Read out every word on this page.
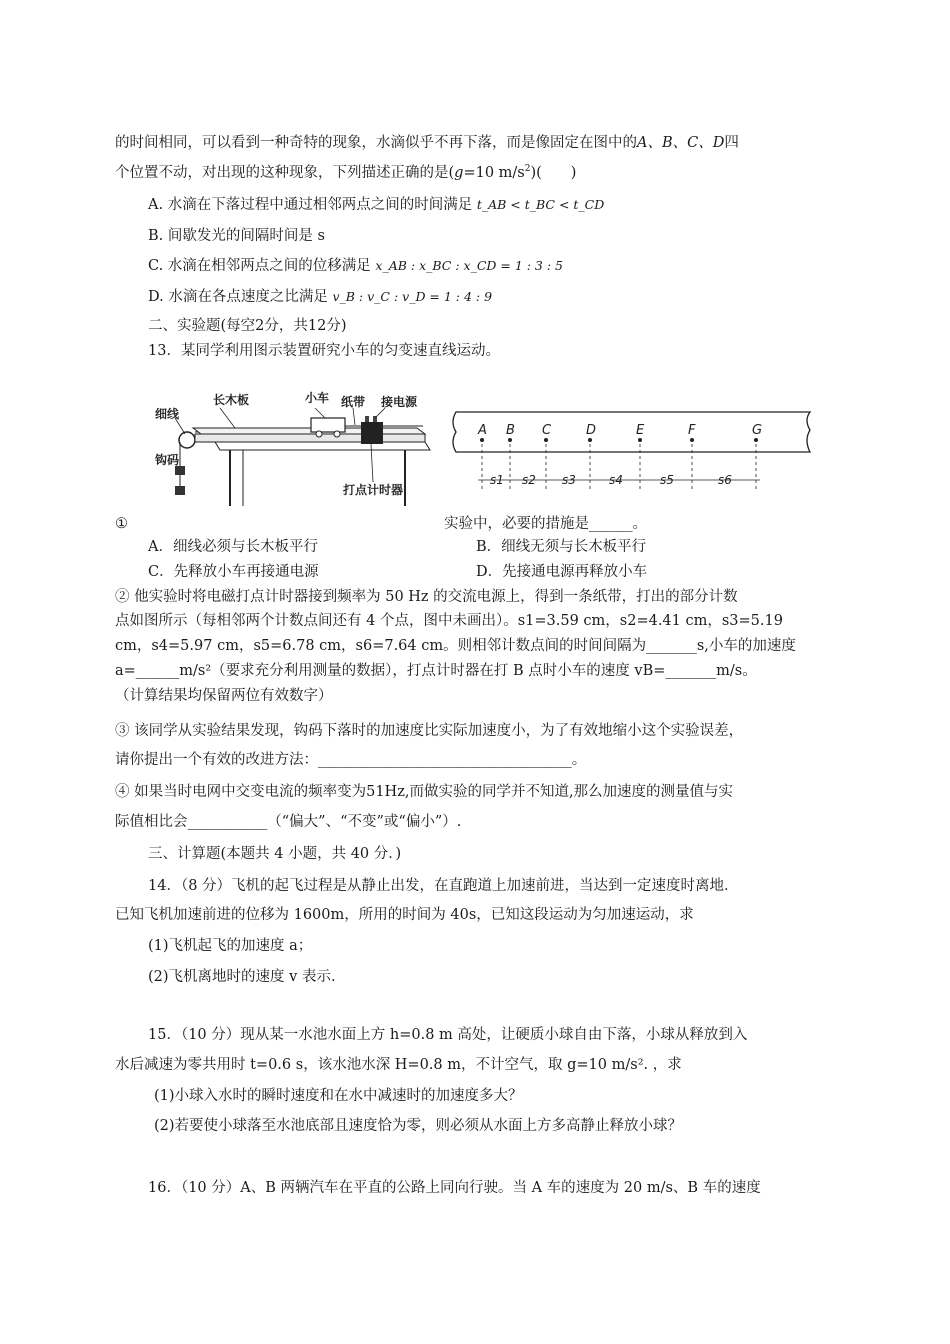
的时间相同，可以看到一种奇特的现象，水滴似乎不再下落，而是像固定在图中的A、B、C、D四
个位置不动，对出现的这种现象，下列描述正确的是(g=10 $m/s^2$)(　　)
A. 水滴在下落过程中通过相邻两点之间的时间满足 t_AB < t_BC < t_CD
B. 间歇发光的间隔时间是 s
C. 水滴在相邻两点之间的位移满足 x_AB : x_BC : x_CD = 1 : 3 : 5
D. 水滴在各点速度之比满足 v_B : v_C : v_D = 1 : 4 : 9
二、实验题(每空2分，共12分)
13．某同学利用图示装置研究小车的匀变速直线运动。
细线
长木板	小车 纸带 接电源
钩码
打点计时器
A B C	D	E	F	G
s1 s2 s3	s4	s5	s6
①	实验中，必要的措施是______。
A．细线必须与长木板平行	B．细线无须与长木板平行
C．先释放小车再接通电源	D．先接通电源再释放小车
② 他实验时将电磁打点计时器接到频率为 50 Hz 的交流电源上，得到一条纸带，打出的部分计数
点如图所示（每相邻两个计数点间还有 4 个点，图中未画出）。s1=3.59 cm，s2=4.41 cm，s3=5.19
cm，s4=5.97 cm，s5=6.78 cm，s6=7.64 cm。则相邻计数点间的时间间隔为_______s,小车的加速度
a=______m/s²（要求充分利用测量的数据），打点计时器在打 B 点时小车的速度 vB=_______m/s。
（计算结果均保留两位有效数字）
③ 该同学从实验结果发现，钩码下落时的加速度比实际加速度小，为了有效地缩小这个实验误差，
请你提出一个有效的改进方法：___________________________________。
④ 如果当时电网中交变电流的频率变为51Hz,而做实验的同学并不知道,那么加速度的测量值与实
际值相比会___________（“偏大”、“不变”或“偏小”）.
三、计算题(本题共 4 小题，共 40 分．)
14．（8 分）飞机的起飞过程是从静止出发，在直跑道上加速前进，当达到一定速度时离地．
已知飞机加速前进的位移为 1600m，所用的时间为 40s，已知这段运动为匀加速运动，求
(1)飞机起飞的加速度 a；
(2)飞机离地时的速度 v 表示.
15．（10 分）现从某一水池水面上方 h=0.8 m 高处，让硬质小球自由下落，小球从释放到入
水后减速为零共用时 t=0.6 s，该水池水深 H=0.8 m，不计空气，取 g=10 m/s². ，求
(1)小球入水时的瞬时速度和在水中减速时的加速度多大？
(2)若要使小球落至水池底部且速度恰为零，则必须从水面上方多高静止释放小球？
16．（10 分）A、B 两辆汽车在平直的公路上同向行驶。当 A 车的速度为 20 m/s、B 车的速度
